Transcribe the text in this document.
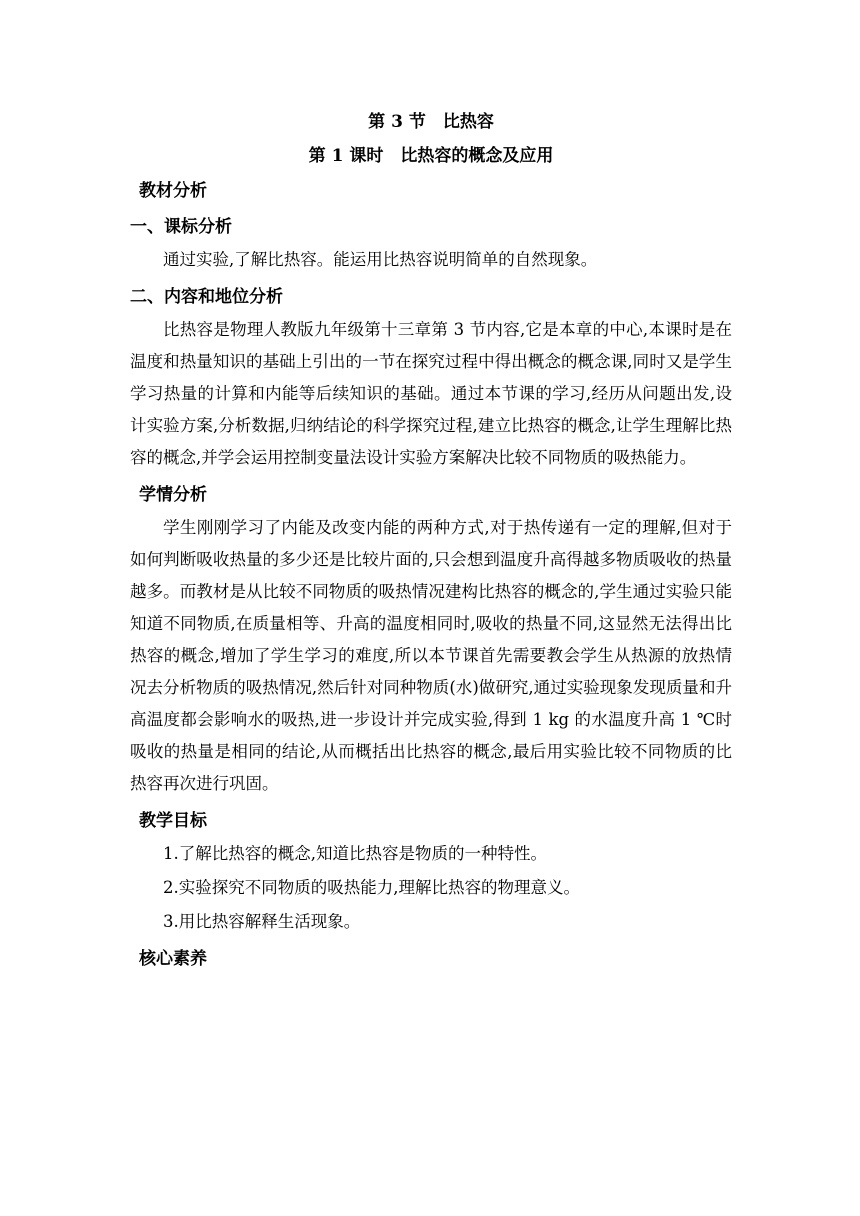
第 3 节　比热容
第 1 课时　比热容的概念及应用
教材分析
一、课标分析
通过实验,了解比热容。能运用比热容说明简单的自然现象。
二、内容和地位分析
比热容是物理人教版九年级第十三章第 3 节内容,它是本章的中心,本课时是在温度和热量知识的基础上引出的一节在探究过程中得出概念的概念课,同时又是学生学习热量的计算和内能等后续知识的基础。通过本节课的学习,经历从问题出发,设计实验方案,分析数据,归纳结论的科学探究过程,建立比热容的概念,让学生理解比热容的概念,并学会运用控制变量法设计实验方案解决比较不同物质的吸热能力。
学情分析
学生刚刚学习了内能及改变内能的两种方式,对于热传递有一定的理解,但对于如何判断吸收热量的多少还是比较片面的,只会想到温度升高得越多物质吸收的热量越多。而教材是从比较不同物质的吸热情况建构比热容的概念的,学生通过实验只能知道不同物质,在质量相等、升高的温度相同时,吸收的热量不同,这显然无法得出比热容的概念,增加了学生学习的难度,所以本节课首先需要教会学生从热源的放热情况去分析物质的吸热情况,然后针对同种物质(水)做研究,通过实验现象发现质量和升高温度都会影响水的吸热,进一步设计并完成实验,得到 1 kg 的水温度升高 1 ℃时吸收的热量是相同的结论,从而概括出比热容的概念,最后用实验比较不同物质的比热容再次进行巩固。
教学目标
1.了解比热容的概念,知道比热容是物质的一种特性。
2.实验探究不同物质的吸热能力,理解比热容的物理意义。
3.用比热容解释生活现象。
核心素养
